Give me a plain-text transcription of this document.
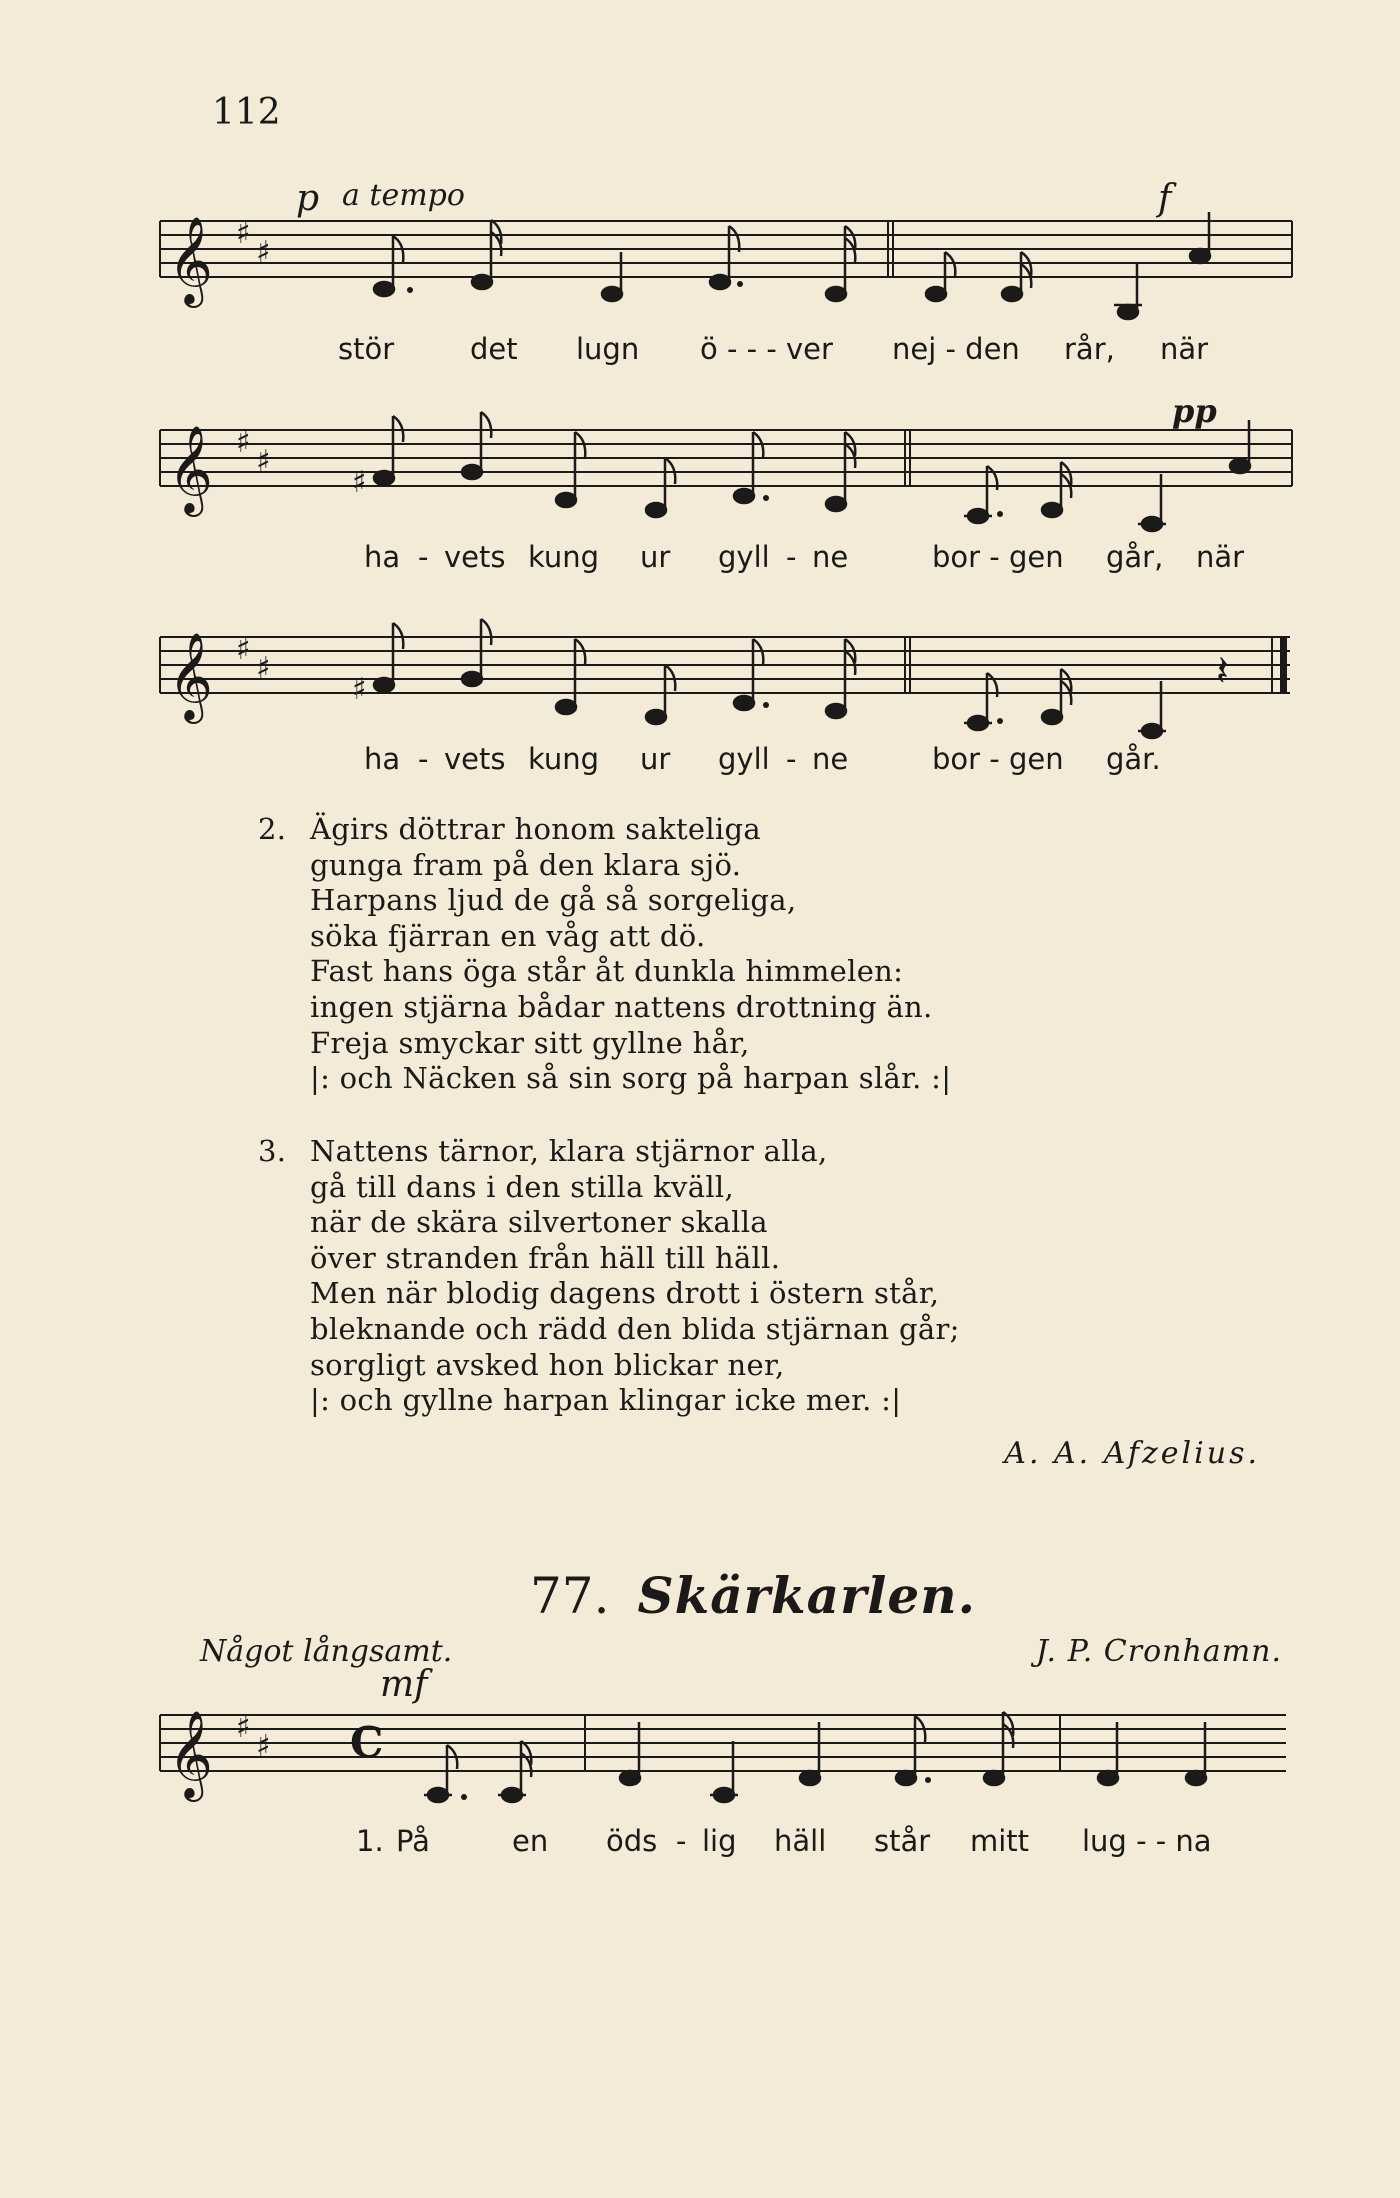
112
p a tempo	f
pp
mf
𝄞 ♯
♯
𝄞 ♯
♯
𝄞 ♯
♯
𝄞 ♯
♯ C
𝄽
♯
♯

stör

	det

lugn

ö - - - ver

nej - den

rår,

när

ha

-

vets

kung

ur

gyll

-

ne

	bor - gen

går,

när

ha

-

vets

kung

ur

gyll

-

ne

	bor - gen

går.

2. Ägirs döttrar honom sakteliga
gunga fram på den klara sjö.
Harpans ljud de gå så sorgeliga,
söka fjärran en våg att dö.
Fast hans öga står åt dunkla himmelen:
ingen stjärna bådar nattens drottning än.
Freja smyckar sitt gyllne hår,
|: och Näcken så sin sorg på harpan slår. :|
3. Nattens tärnor, klara stjärnor alla,
gå till dans i den stilla kväll,
när de skära silvertoner skalla
över stranden från häll till häll.
Men när blodig dagens drott i östern står,
bleknande och rädd den blida stjärnan går;
sorgligt avsked hon blickar ner,
|: och gyllne harpan klingar icke mer. :|
A. A. Afzelius.
77. Skärkarlen.
Något långsamt.	J. P. Cronhamn.

1.

På

	en

öds

-

lig

häll

står

mitt

lug - - na
